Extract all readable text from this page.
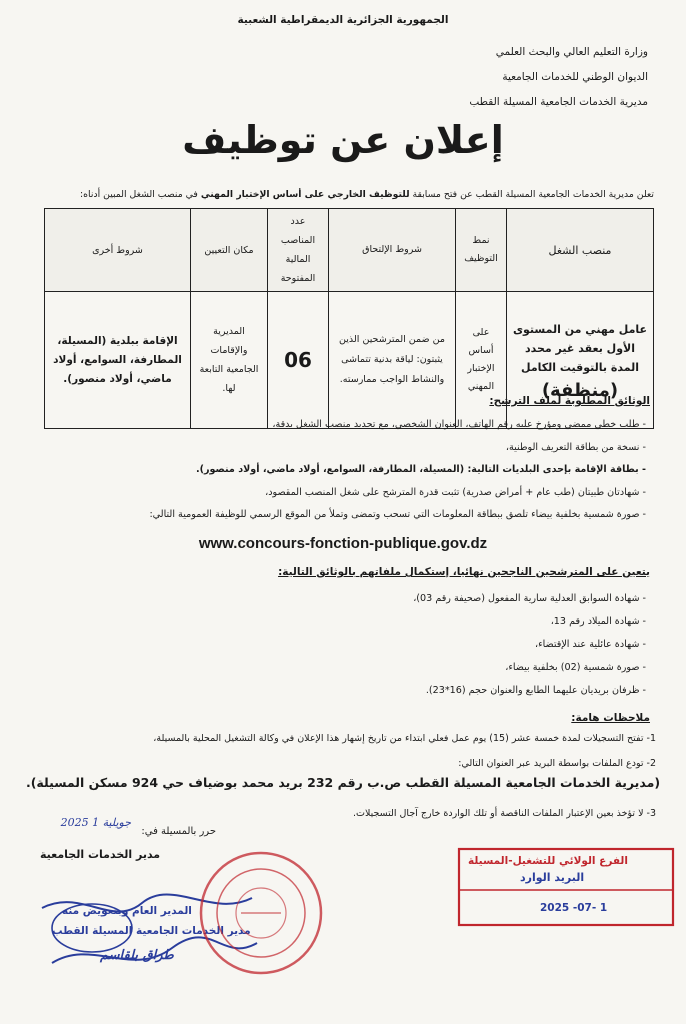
الجمهورية الجزائرية الديمقراطية الشعبية
وزارة التعليم العالي والبحث العلمي
الديوان الوطني للخدمات الجامعية
مديرية الخدمات الجامعية المسيلة القطب
إعلان عن توظيف
تعلن مديرية الخدمات الجامعية المسيلة القطب عن فتح مسابقة للتوظيف الخارجي على أساس الإختبار المهني في منصب الشغل المبين أدناه:
منصب الشغل	نمط التوظيف	شروط الإلتحاق	عدد المناصب المالية المفتوحة	مكان التعيين	شروط أخرى
عامل مهني من المستوى الأول بعقد غير محدد المدة بالتوقيت الكامل
(منظفة)	على أساس الإختبار المهني	من ضمن المترشحين الذين يثبتون: لياقة بدنية تتماشى والنشاط الواجب ممارسته.	06	المديرية والإقامات الجامعية التابعة لها.	الإقامة ببلدية (المسيلة، المطارفة، السوامع، أولاد ماضي، أولاد منصور).
الوثائق المطلوبة لملف الترشح:
- طلب خطي ممضي ومؤرخ عليه رقم الهاتف، العنوان الشخصي، مع تحديد منصب الشغل بدقة،
- نسخة من بطاقة التعريف الوطنية،
- بطاقة الإقامة بإحدى البلديات التالية: (المسيلة، المطارفة، السوامع، أولاد ماضي، أولاد منصور).
- شهادتان طبيتان (طب عام + أمراض صدرية) تثبت قدرة المترشح على شغل المنصب المقصود،
- صورة شمسية بخلفية بيضاء تلصق ببطاقة المعلومات التي تسحب وتمضى وتملأ من الموقع الرسمي للوظيفة العمومية التالي:
www.concours-fonction-publique.gov.dz
يتعين على المترشحين الناجحين نهائيا، إستكمال ملفاتهم بالوثائق التالية:
- شهادة السوابق العدلية سارية المفعول (صحيفة رقم 03)،
- شهادة الميلاد رقم 13،
- شهادة عائلية عند الإقتضاء،
- صورة شمسية (02) بخلفية بيضاء،
- ظرفان بريديان عليهما الطابع والعنوان حجم (16*23).
ملاحظات هامة:
1- تفتح التسجيلات لمدة خمسة عشر (15) يوم عمل فعلي ابتداء من تاريخ إشهار هذا الإعلان في وكالة التشغيل المحلية بالمسيلة،
2- تودع الملفات بواسطة البريد عبر العنوان التالي:
(مديرية الخدمات الجامعية المسيلة القطب ص.ب رقم 232 بريد محمد بوضياف حي 924 مسكن المسيلة).
3- لا تؤخذ بعين الإعتبار الملفات الناقصة أو تلك الواردة خارج آجال التسجيلات.
حرر بالمسيلة في:
2025 جويلية 1
مدير الخدمات الجامعية
المدير العام وبتعويض منه
مدير الخدمات الجامعية المسيلة القطب
طراق بلقاسم
الفرع الولائي للتشغيل-المسيلة
البريد الوارد
2025 -07- 1
